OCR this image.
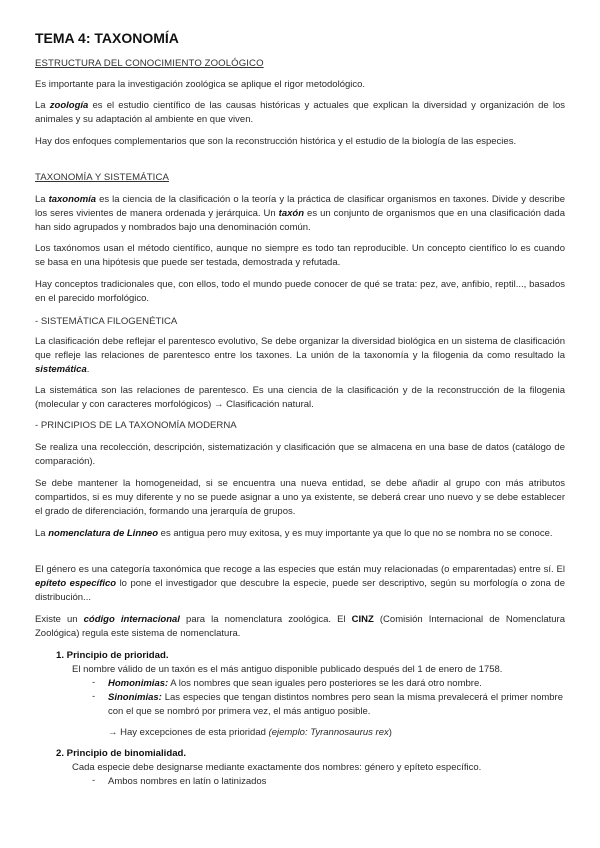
TEMA 4: TAXONOMÍA
ESTRUCTURA DEL CONOCIMIENTO ZOOLÓGICO
Es importante para la investigación zoológica se aplique el rigor metodológico.
La zoología es el estudio científico de las causas históricas y actuales que explican la diversidad y organización de los animales y su adaptación al ambiente en que viven.
Hay dos enfoques complementarios que son la reconstrucción histórica y el estudio de la biología de las especies.
TAXONOMÍA Y SISTEMÁTICA
La taxonomía es la ciencia de la clasificación o la teoría y la práctica de clasificar organismos en taxones. Divide y describe los seres vivientes de manera ordenada y jerárquica. Un taxón es un conjunto de organismos que en una clasificación dada han sido agrupados y nombrados bajo una denominación común.
Los taxónomos usan el método científico, aunque no siempre es todo tan reproducible. Un concepto científico lo es cuando se basa en una hipótesis que puede ser testada, demostrada y refutada.
Hay conceptos tradicionales que, con ellos, todo el mundo puede conocer de qué se trata: pez, ave, anfibio, reptil..., basados en el parecido morfológico.
- SISTEMÁTICA FILOGENÉTICA
La clasificación debe reflejar el parentesco evolutivo, Se debe organizar la diversidad biológica en un sistema de clasificación que refleje las relaciones de parentesco entre los taxones. La unión de la taxonomía y la filogenia da como resultado la sistemática.
La sistemática son las relaciones de parentesco. Es una ciencia de la clasificación y de la reconstrucción de la filogenia (molecular y con caracteres morfológicos) → Clasificación natural.
- PRINCIPIOS DE LA TAXONOMÍA MODERNA
Se realiza una recolección, descripción, sistematización y clasificación que se almacena en una base de datos (catálogo de comparación).
Se debe mantener la homogeneidad, si se encuentra una nueva entidad, se debe añadir al grupo con más atributos compartidos, si es muy diferente y no se puede asignar a uno ya existente, se deberá crear uno nuevo y se debe establecer el grado de diferenciación, formando una jerarquía de grupos.
La nomenclatura de Linneo es antigua pero muy exitosa, y es muy importante ya que lo que no se nombra no se conoce.
El género es una categoría taxonómica que recoge a las especies que están muy relacionadas (o emparentadas) entre sí. El epíteto específico lo pone el investigador que descubre la especie, puede ser descriptivo, según su morfología o zona de distribución...
Existe un código internacional para la nomenclatura zoológica. El CINZ (Comisión Internacional de Nomenclatura Zoológica) regula este sistema de nomenclatura.
1. Principio de prioridad.
El nombre válido de un taxón es el más antiguo disponible publicado después del 1 de enero de 1758.
- Homonimias: A los nombres que sean iguales pero posteriores se les dará otro nombre.
- Sinonimias: Las especies que tengan distintos nombres pero sean la misma prevalecerá el primer nombre con el que se nombró por primera vez, el más antiguo posible.
→ Hay excepciones de esta prioridad (ejemplo: Tyrannosaurus rex)
2. Principio de binomialidad.
Cada especie debe designarse mediante exactamente dos nombres: género y epíteto específico.
- Ambos nombres en latín o latinizados
